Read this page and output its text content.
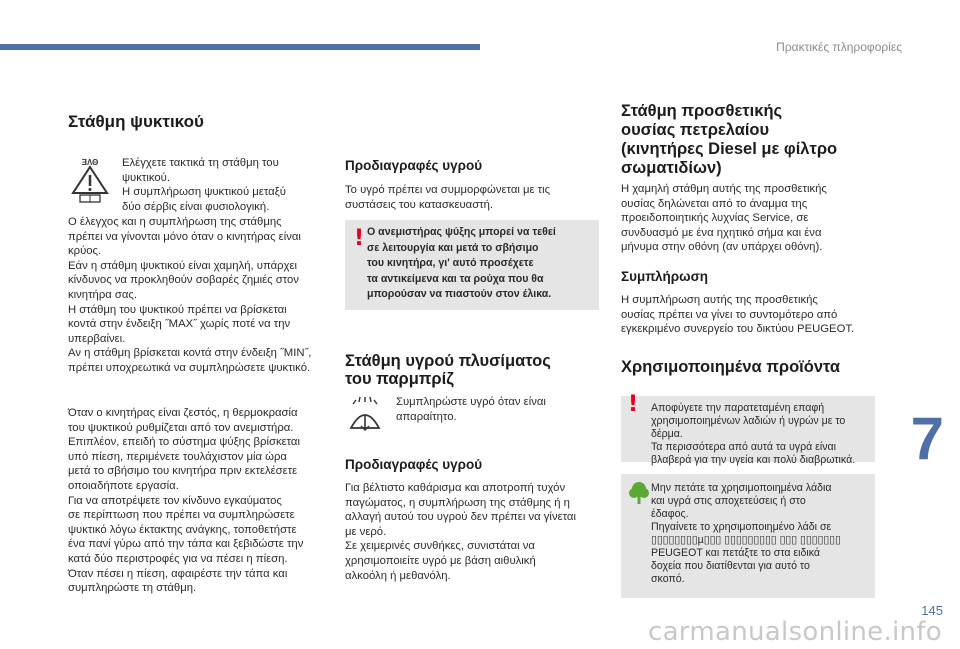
Πρακτικές πληροφορίες
Στάθμη ψυκτικού
ƎΛΘ Ελέγχετε τακτικά τη στάθμη του

ψυκτικού.

Η συμπλήρωση ψυκτικού μεταξύ

δύο σέρβις είναι φυσιολογική.

Ο έλεγχος και η συμπλήρωση της στάθμης

πρέπει να γίνονται μόνο όταν ο κινητήρας είναι

κρύος.

Εάν η στάθμη ψυκτικού είναι χαμηλή, υπάρχει

κίνδυνος να προκληθούν σοβαρές ζημιές στον

κινητήρα σας.

Η στάθμη του ψυκτικού πρέπει να βρίσκεται

κοντά στην ένδειξη ˝MAX˝ χωρίς ποτέ να την

υπερβαίνει.

Αν η στάθμη βρίσκεται κοντά στην ένδειξη ˝MIN˝,

πρέπει υποχρεωτικά να συμπληρώσετε ψυκτικό.

Όταν ο κινητήρας είναι ζεστός, η θερμοκρασία

του ψυκτικού ρυθμίζεται από τον ανεμιστήρα.

Επιπλέον, επειδή το σύστημα ψύξης βρίσκεται

υπό πίεση, περιμένετε τουλάχιστον μία ώρα

μετά το σβήσιμο του κινητήρα πριν εκτελέσετε

οποιαδήποτε εργασία.

Για να αποτρέψετε τον κίνδυνο εγκαύματος

σε περίπτωση που πρέπει να συμπληρώσετε

ψυκτικό λόγω έκτακτης ανάγκης, τοποθετήστε

ένα πανί γύρω από την τάπα και ξεβιδώστε την

κατά δύο περιστροφές για να πέσει η πίεση.

Όταν πέσει η πίεση, αφαιρέστε την τάπα και

συμπληρώστε τη στάθμη.

Προδιαγραφές υγρού

Το υγρό πρέπει να συμμορφώνεται με τις

συστάσεις του κατασκευαστή.

! Ο ανεμιστήρας ψύξης μπορεί να τεθεί

σε λειτουργία και μετά το σβήσιμο

του κινητήρα, γι' αυτό προσέχετε

τα αντικείμενα και τα ρούχα που θα

μπορούσαν να πιαστούν στον έλικα.

Στάθμη υγρού πλυσίματος
του παρμπρίζ

Συμπληρώστε υγρό όταν είναι

απαραίτητο.

Προδιαγραφές υγρού

Για βέλτιστο καθάρισμα και αποτροπή τυχόν

παγώματος, η συμπλήρωση της στάθμης ή η

αλλαγή αυτού του υγρού δεν πρέπει να γίνεται

με νερό.

Σε χειμερινές συνθήκες, συνιστάται να

χρησιμοποιείτε υγρό με βάση αιθυλική

αλκοόλη ή μεθανόλη.

Στάθμη προσθετικής
ουσίας πετρελαίου
(κινητήρες Diesel με φίλτρο
σωματιδίων)

Η χαμηλή στάθμη αυτής της προσθετικής

ουσίας δηλώνεται από το άναμμα της

προειδοποιητικής λυχνίας Service, σε

συνδυασμό με ένα ηχητικό σήμα και ένα

μήνυμα στην οθόνη (αν υπάρχει οθόνη).

Συμπλήρωση

Η συμπλήρωση αυτής της προσθετικής

ουσίας πρέπει να γίνει το συντομότερο από

εγκεκριμένο συνεργείο του δικτύου PEUGEOT.

Χρησιμοποιημένα προϊόντα
! Αποφύγετε την παρατεταμένη επαφή

χρησιμοποιημένων λαδιών ή υγρών με το

δέρμα.

Τα περισσότερα από αυτά τα υγρά είναι

βλαβερά για την υγεία και πολύ διαβρωτικά.

Μην πετάτε τα χρησιμοποιημένα λάδια

και υγρά στις αποχετεύσεις ή στο

έδαφος.

Πηγαίνετε το χρησιμοποιημένο λάδι σε

▯▯▯▯▯▯▯▯µ▯▯▯ ▯▯▯▯▯▯▯▯▯ ▯▯▯ ▯▯▯▯▯▯▯

PEUGEOT και πετάξτε το στα ειδικά

δοχεία που διατίθενται για αυτό το

σκοπό.

7
145
carmanualsonline.info
